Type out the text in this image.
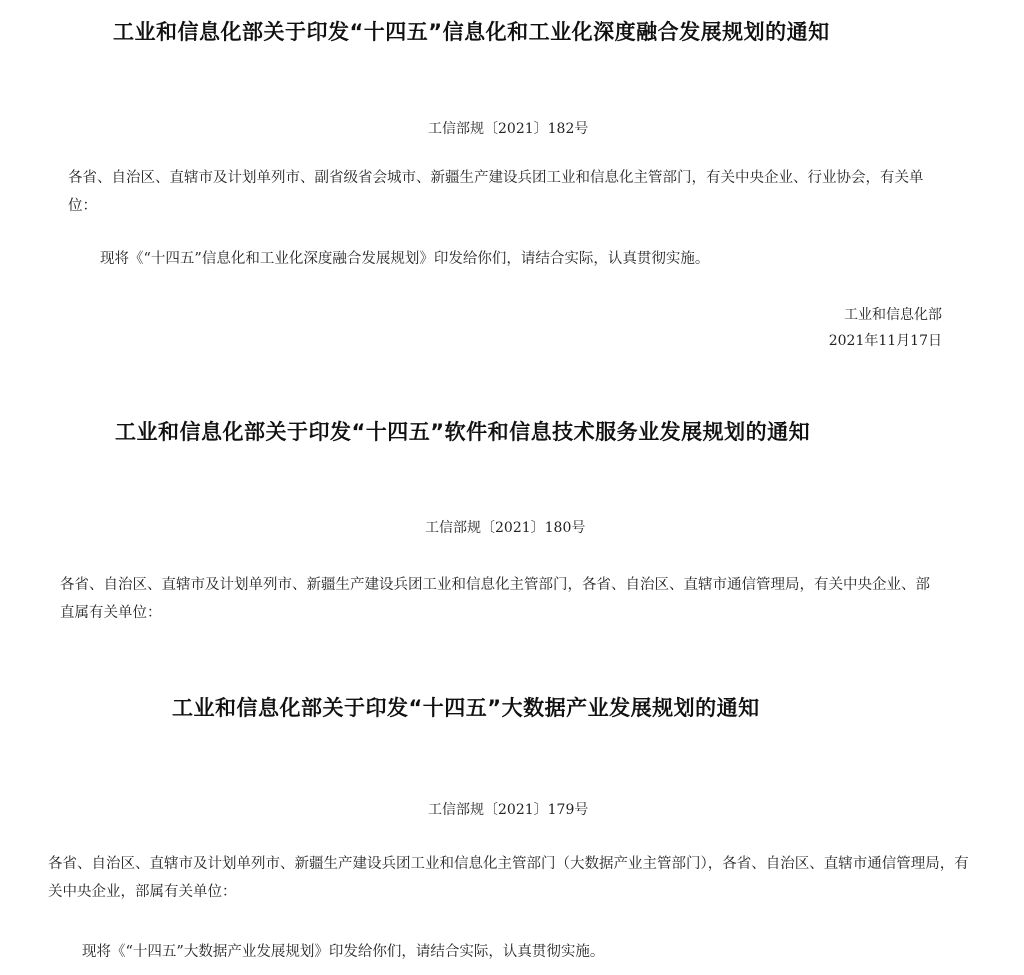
工业和信息化部关于印发“十四五”信息化和工业化深度融合发展规划的通知
工信部规〔2021〕182号
各省、自治区、直辖市及计划单列市、副省级省会城市、新疆生产建设兵团工业和信息化主管部门，有关中央企业、行业协会，有关单位：
现将《“十四五”信息化和工业化深度融合发展规划》印发给你们，请结合实际，认真贯彻实施。
工业和信息化部
2021年11月17日
工业和信息化部关于印发“十四五”软件和信息技术服务业发展规划的通知
工信部规〔2021〕180号
各省、自治区、直辖市及计划单列市、新疆生产建设兵团工业和信息化主管部门，各省、自治区、直辖市通信管理局，有关中央企业、部直属有关单位：
工业和信息化部关于印发“十四五”大数据产业发展规划的通知
工信部规〔2021〕179号
各省、自治区、直辖市及计划单列市、新疆生产建设兵团工业和信息化主管部门（大数据产业主管部门），各省、自治区、直辖市通信管理局，有关中央企业，部属有关单位：
现将《“十四五”大数据产业发展规划》印发给你们，请结合实际，认真贯彻实施。
